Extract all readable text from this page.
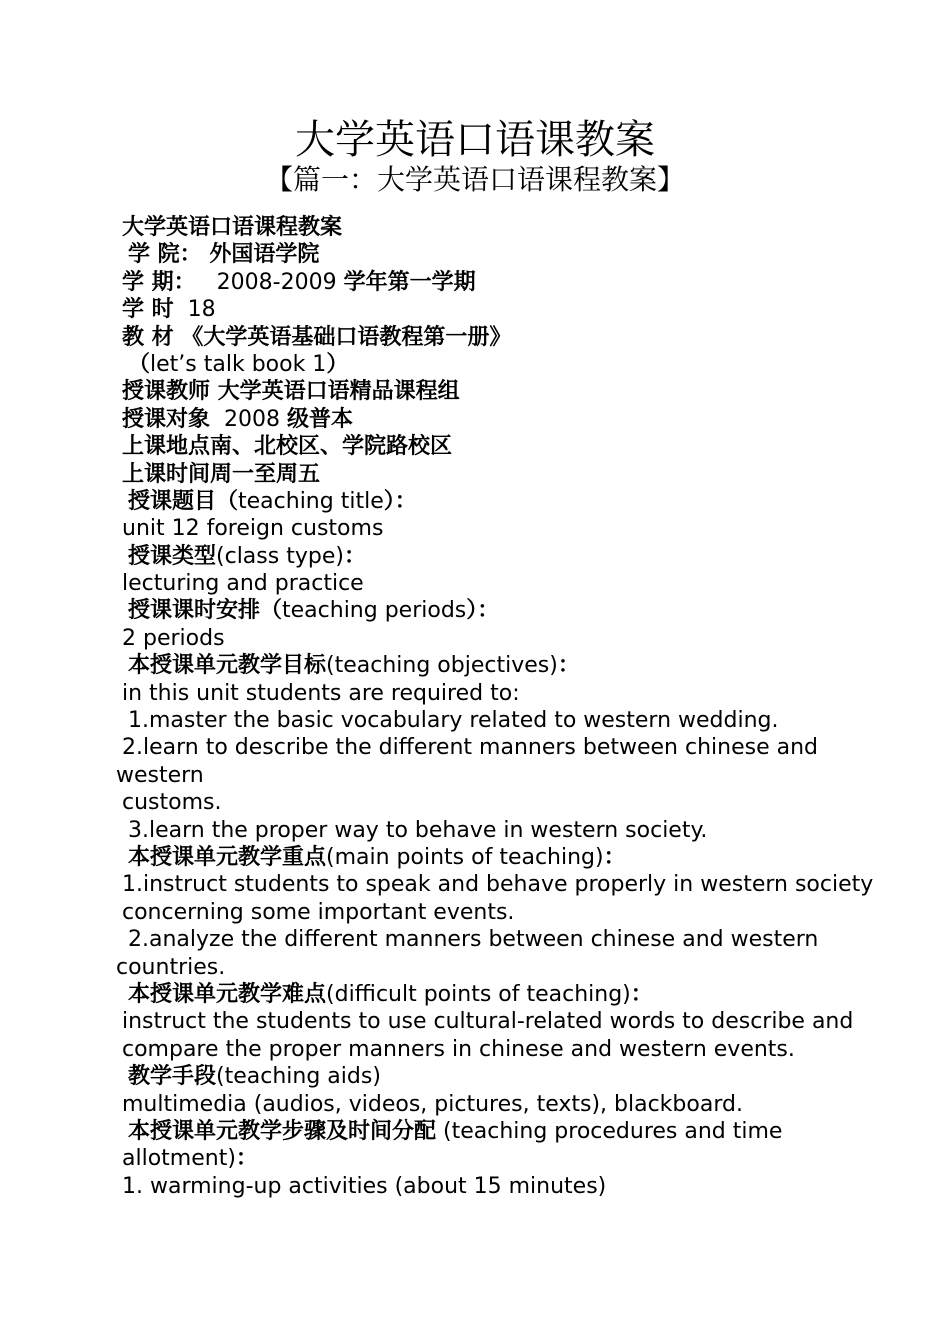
大学英语口语课教案
【篇一：大学英语口语课程教案】
大学英语口语课程教案
学 院： 外国语学院
学 期： 2008-2009 学年第一学期
学 时 18
教 材 《大学英语基础口语教程第一册》
（let’s talk book 1）
授课教师 大学英语口语精品课程组
授课对象 2008 级普本
上课地点南、北校区、学院路校区
上课时间周一至周五
授课题目（teaching title）：
unit 12 foreign customs
授课类型(class type)：
lecturing and practice
授课课时安排（teaching periods）：
2 periods
本授课单元教学目标(teaching objectives)：
in this unit students are required to:
1.master the basic vocabulary related to western wedding.
2.learn to describe the different manners between chinese and
western
customs.
3.learn the proper way to behave in western society.
本授课单元教学重点(main points of teaching)：
1.instruct students to speak and behave properly in western society
concerning some important events.
2.analyze the different manners between chinese and western
countries.
本授课单元教学难点(difficult points of teaching)：
instruct the students to use cultural-related words to describe and
compare the proper manners in chinese and western events.
教学手段(teaching aids)
multimedia (audios, videos, pictures, texts), blackboard.
本授课单元教学步骤及时间分配 (teaching procedures and time
allotment)：
1. warming-up activities (about 15 minutes)
